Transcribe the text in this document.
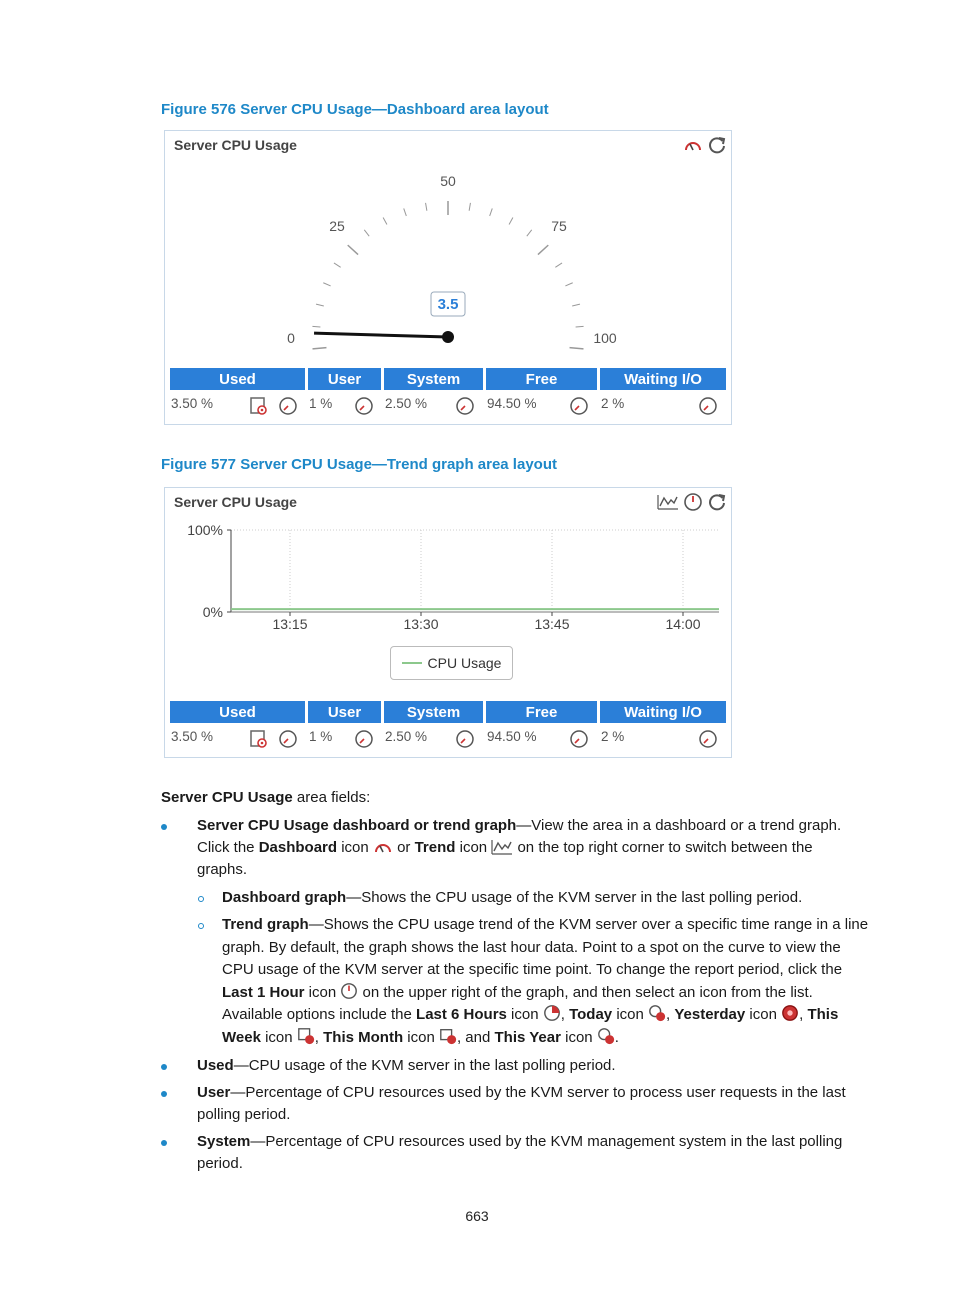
Figure 576 Server CPU Usage—Dashboard area layout
Server CPU Usage
0
25
50
75
100
3.5
Used	User	System	Free	Waiting I/O
3.50 %	1 %	2.50 %	94.50 %	2 %
Figure 577 Server CPU Usage—Trend graph area layout
Server CPU Usage
100%
0%
13:15	13:30	13:45	14:00
CPU Usage
Used	User	System	Free	Waiting I/O
3.50 %	1 %	2.50 %	94.50 %	2 %
Server CPU Usage area fields:
Server CPU Usage dashboard or trend graph—View the area in a dashboard or a trend graph.
Click the Dashboard icon  or Trend icon  on the top right corner to switch between the
graphs.
Dashboard graph—Shows the CPU usage of the KVM server in the last polling period.
Trend graph—Shows the CPU usage trend of the KVM server over a specific time range in a line
graph. By default, the graph shows the last hour data. Point to a spot on the curve to view the
CPU usage of the KVM server at the specific time point. To change the report period, click the
Last 1 Hour icon  on the upper right of the graph, and then select an icon from the list.
Available options include the Last 6 Hours icon , Today icon , Yesterday icon , This
Week icon , This Month icon , and This Year icon .
Used—CPU usage of the KVM server in the last polling period.
User—Percentage of CPU resources used by the KVM server to process user requests in the last
polling period.
System—Percentage of CPU resources used by the KVM management system in the last polling
period.
663
